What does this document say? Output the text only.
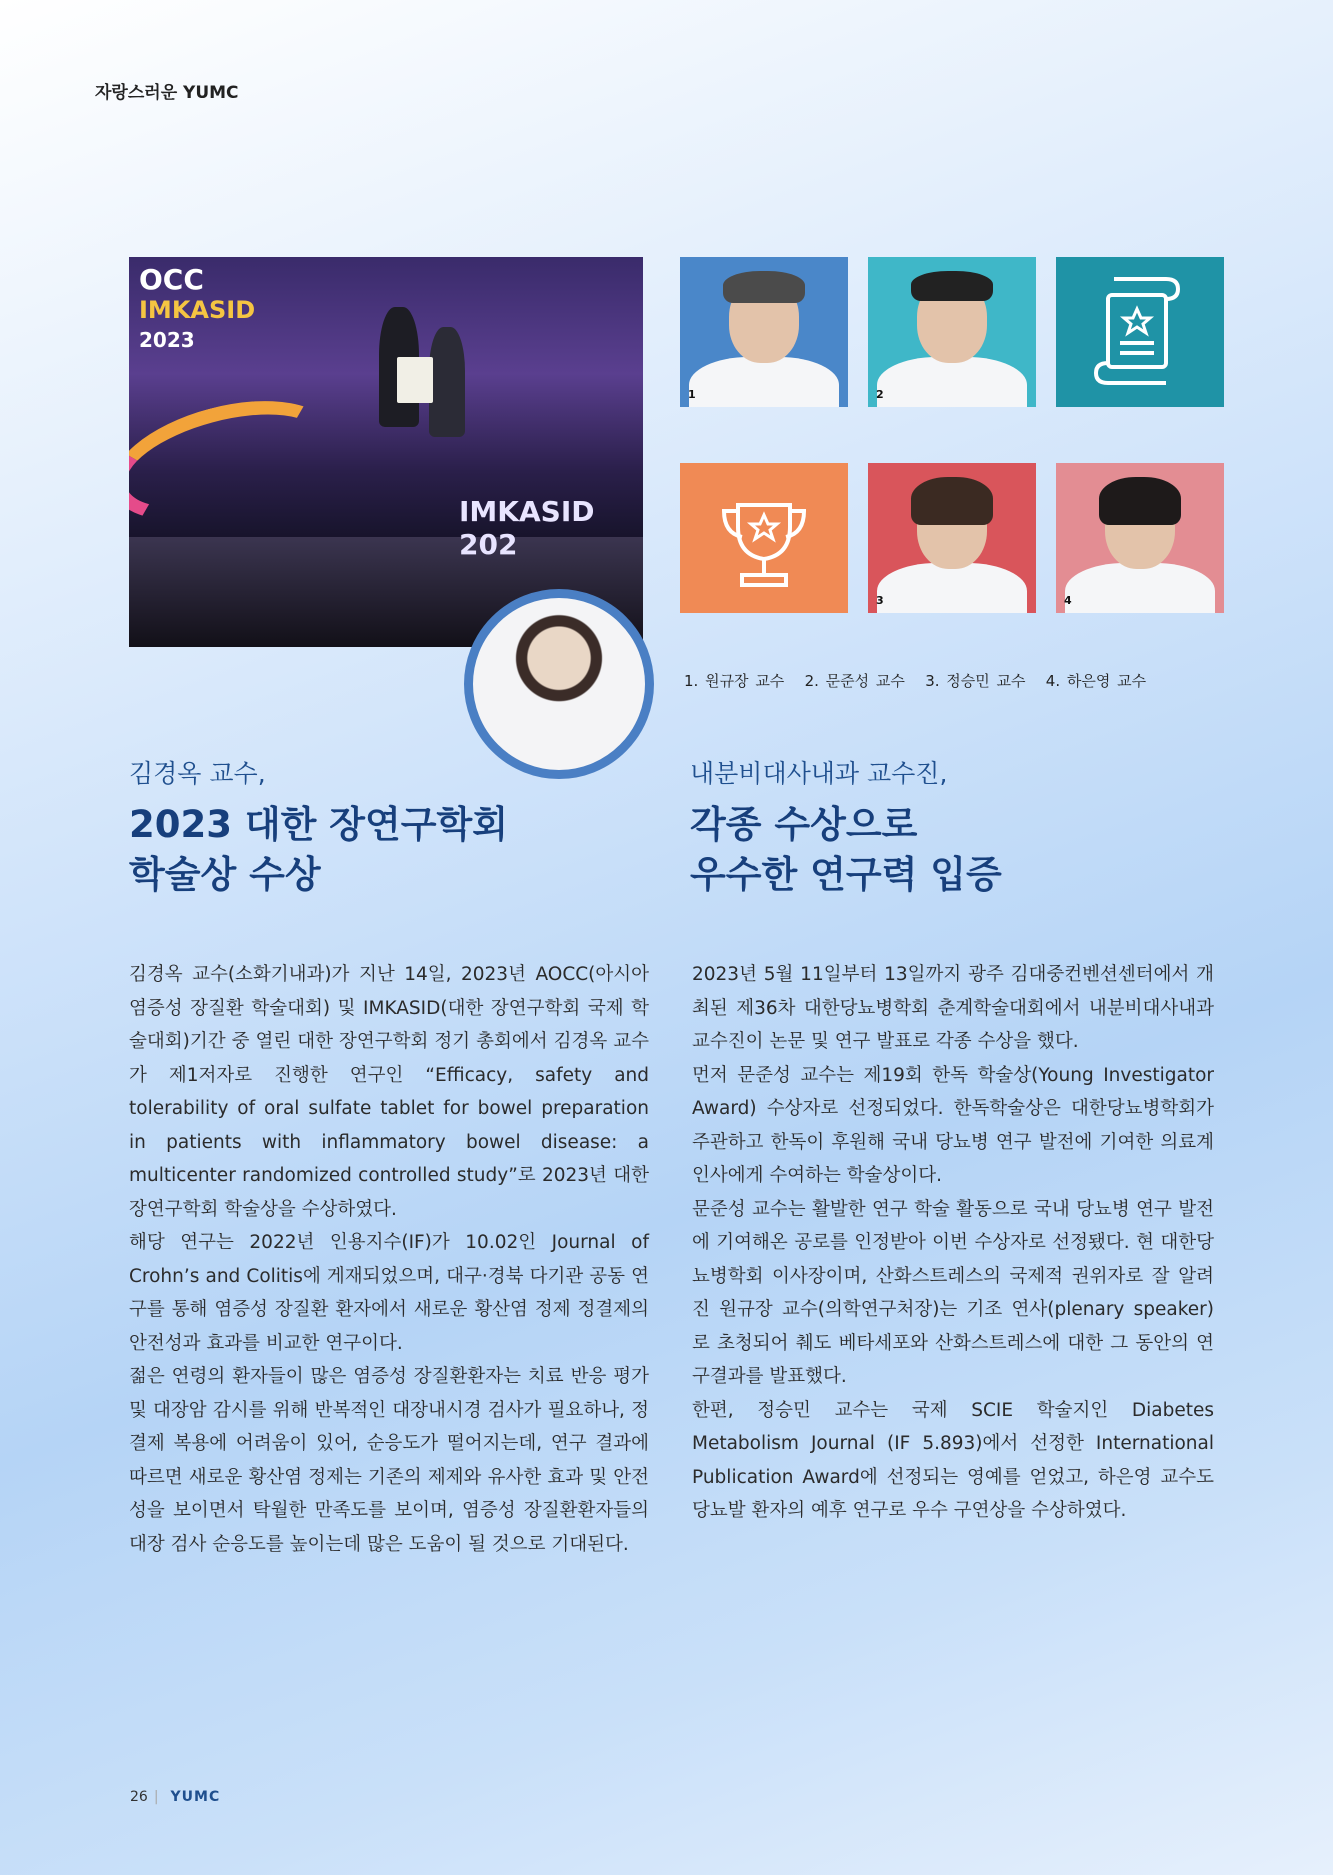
자랑스러운 YUMC
OCC
IMKASID
2023
IMKASID 202
1	2
3	4
1. 원규장 교수   2. 문준성 교수   3. 정승민 교수   4. 하은영 교수
김경옥 교수,
2023 대한 장연구학회
학술상 수상

김경옥 교수(소화기내과)가 지난 14일, 2023년 AOCC(아시아 염증성 장질환 학술대회) 및 IMKASID(대한 장연구학회 국제 학술대회)기간 중 열린 대한 장연구학회 정기 총회에서 김경옥 교수가 제1저자로 진행한 연구인 “Efficacy, safety and tolerability of oral sulfate tablet for bowel preparation in patients with inflammatory bowel disease: a multicenter randomized controlled study”로 2023년 대한 장연구학회 학술상을 수상하였다.

해당 연구는 2022년 인용지수(IF)가 10.02인 Journal of Crohn’s and Colitis에 게재되었으며, 대구·경북 다기관 공동 연구를 통해 염증성 장질환 환자에서 새로운 황산염 정제 정결제의 안전성과 효과를 비교한 연구이다.

젊은 연령의 환자들이 많은 염증성 장질환환자는 치료 반응 평가 및 대장암 감시를 위해 반복적인 대장내시경 검사가 필요하나, 정결제 복용에 어려움이 있어, 순응도가 떨어지는데, 연구 결과에 따르면 새로운 황산염 정제는 기존의 제제와 유사한 효과 및 안전성을 보이면서 탁월한 만족도를 보이며, 염증성 장질환환자들의 대장 검사 순응도를 높이는데 많은 도움이 될 것으로 기대된다.

내분비대사내과 교수진,
각종 수상으로
우수한 연구력 입증

2023년 5월 11일부터 13일까지 광주 김대중컨벤션센터에서 개최된 제36차 대한당뇨병학회 춘계학술대회에서 내분비대사내과 교수진이 논문 및 연구 발표로 각종 수상을 했다.

먼저 문준성 교수는 제19회 한독 학술상(Young Investigator Award) 수상자로 선정되었다. 한독학술상은 대한당뇨병학회가 주관하고 한독이 후원해 국내 당뇨병 연구 발전에 기여한 의료계 인사에게 수여하는 학술상이다.

문준성 교수는 활발한 연구 학술 활동으로 국내 당뇨병 연구 발전에 기여해온 공로를 인정받아 이번 수상자로 선정됐다. 현 대한당뇨병학회 이사장이며, 산화스트레스의 국제적 권위자로 잘 알려진 원규장 교수(의학연구처장)는 기조 연사(plenary speaker)로 초청되어 췌도 베타세포와 산화스트레스에 대한 그 동안의 연구결과를 발표했다.

한편, 정승민 교수는 국제 SCIE 학술지인 Diabetes Metabolism Journal (IF 5.893)에서 선정한 International Publication Award에 선정되는 영예를 얻었고, 하은영 교수도 당뇨발 환자의 예후 연구로 우수 구연상을 수상하였다.

26 | YUMC
